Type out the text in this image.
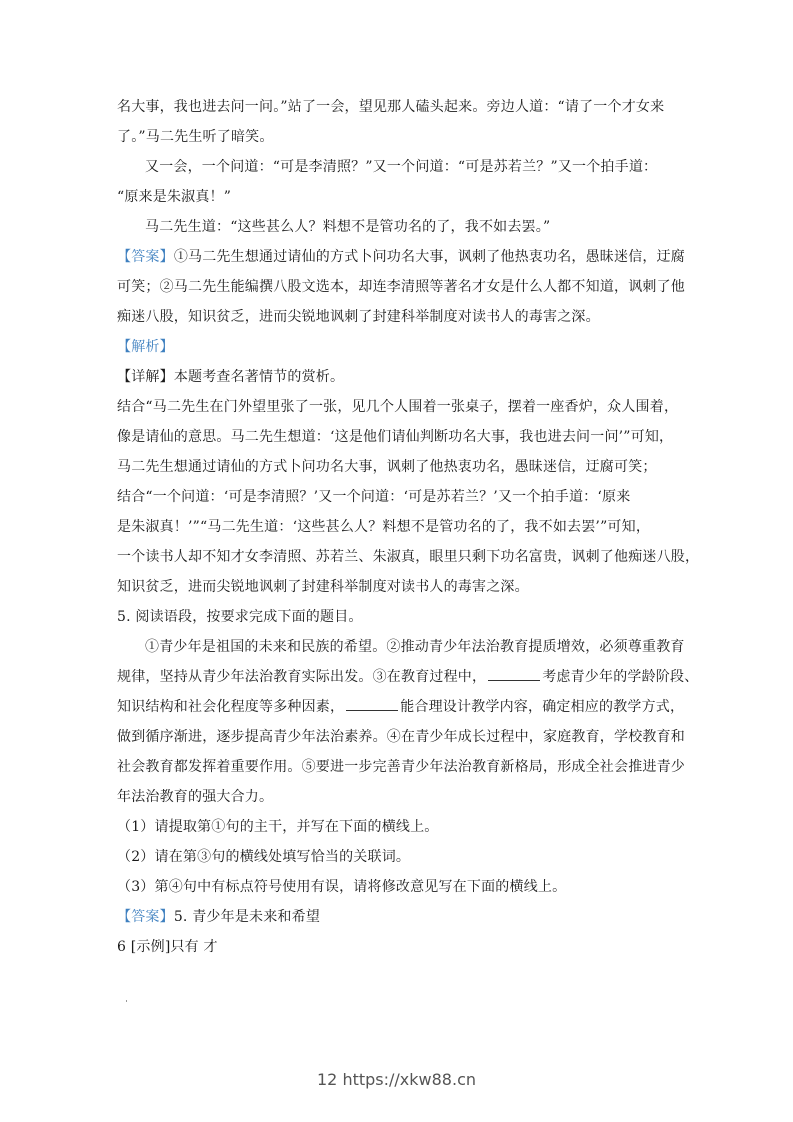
名大事，我也进去问一问。”站了一会，望见那人磕头起来。旁边人道：“请了一个才女来
了。”马二先生听了暗笑。
又一会，一个问道：“可是李清照？”又一个问道：“可是苏若兰？”又一个拍手道：
“原来是朱淑真！”
马二先生道：“这些甚么人？料想不是管功名的了，我不如去罢。”
【答案】①马二先生想通过请仙的方式卜问功名大事，讽刺了他热衷功名，愚昧迷信，迂腐
可笑；②马二先生能编撰八股文选本，却连李清照等著名才女是什么人都不知道，讽刺了他
痴迷八股，知识贫乏，进而尖锐地讽刺了封建科举制度对读书人的毒害之深。
【解析】
【详解】本题考查名著情节的赏析。
结合“马二先生在门外望里张了一张，见几个人围着一张桌子，摆着一座香炉，众人围着，
像是请仙的意思。马二先生想道：‘这是他们请仙判断功名大事，我也进去问一问’”可知，
马二先生想通过请仙的方式卜问功名大事，讽刺了他热衷功名，愚昧迷信，迂腐可笑；
结合“一个问道：‘可是李清照？’又一个问道：‘可是苏若兰？’又一个拍手道：‘原来
是朱淑真！’”“马二先生道：‘这些甚么人？料想不是管功名的了，我不如去罢’”可知，
一个读书人却不知才女李清照、苏若兰、朱淑真，眼里只剩下功名富贵，讽刺了他痴迷八股，
知识贫乏，进而尖锐地讽刺了封建科举制度对读书人的毒害之深。
5. 阅读语段，按要求完成下面的题目。
①青少年是祖国的未来和民族的希望。②推动青少年法治教育提质增效，必须尊重教育
规律，坚持从青少年法治教育实际出发。③在教育过程中，	考虑青少年的学龄阶段、
知识结构和社会化程度等多种因素，	能合理设计教学内容，确定相应的教学方式，
做到循序渐进，逐步提高青少年法治素养。④在青少年成长过程中，家庭教育，学校教育和
社会教育都发挥着重要作用。⑤要进一步完善青少年法治教育新格局，形成全社会推进青少
年法治教育的强大合力。
（1）请提取第①句的主干，并写在下面的横线上。
（2）请在第③句的横线处填写恰当的关联词。
（3）第④句中有标点符号使用有误，请将修改意见写在下面的横线上。
【答案】5. 青少年是未来和希望
6 [示例]只有 才
12 https://xkw88.cn
